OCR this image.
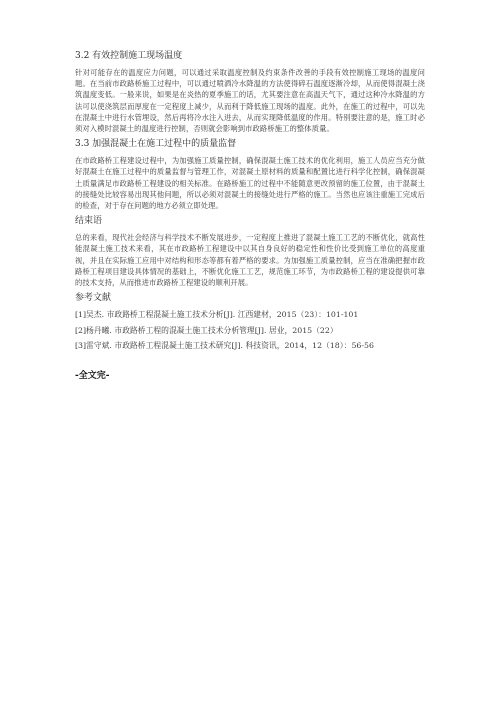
3.2 有效控制施工现场温度

针对可能存在的温度应力问题，可以通过采取温度控制及约束条件改善的手段有效控制施工现场的温度问题。在当前市政路桥施工过程中，可以通过喷洒冷水降温的方法使得碎石温度逐渐冷却，从而使得混凝土浇筑温度变低。一般来说，如果是在炎热的夏季施工的话，尤其要注意在高温天气下，通过这种冷水降温的方法可以使浇筑层而厚度在一定程度上减少，从而利于降低施工现场的温度。此外，在施工的过程中，可以先在混凝土中进行水管埋设，然后再将冷水注入进去，从而实现降低温度的作用。特别要注意的是，施工时必须对入模时混凝土的温度进行控制，否则就会影响到市政路桥施工的整体质量。

3.3 加强混凝土在施工过程中的质量监督

在市政路桥工程建设过程中，为加强施工质量控制，确保混凝土施工技术的优化利用，施工人员应当充分做好混凝土在施工过程中的质量监督与管理工作，对混凝土原材料的质量和配置比进行科学化控制，确保混凝土质量满足市政路桥工程建设的相关标准。在路桥施工的过程中不能随意更改预留的施工位置，由于混凝土的接缝处比较容易出现其他问题，所以必须对混凝土的接缝处进行严格的施工。当然也应该注重施工完成后的检查，对于存在问题的地方必须立即处理。

结束语

总的来看，现代社会经济与科学技术不断发展进步，一定程度上推进了混凝土施工工艺的不断优化，就高性能混凝土施工技术来看，其在市政路桥工程建设中以其自身良好的稳定性和性价比受到施工单位的高度重视，并且在实际施工应用中对结构和形态等都有着严格的要求。为加强施工质量控制，应当在准确把握市政路桥工程项目建设具体情况的基础上，不断优化施工工艺，规范施工环节，为市政路桥工程的建设提供可靠的技术支持，从而推进市政路桥工程建设的顺利开展。

参考文献
[1]吴杰. 市政路桥工程混凝土施工技术分析[J]. 江西建材，2015（23）：101-101
[2]杨丹曦. 市政路桥工程的混凝土施工技术分析管理[J]. 居业，2015（22）
[3]雷守斌. 市政路桥工程混凝土施工技术研究[J]. 科技资讯，2014，12（18）：56-56
-全文完-
